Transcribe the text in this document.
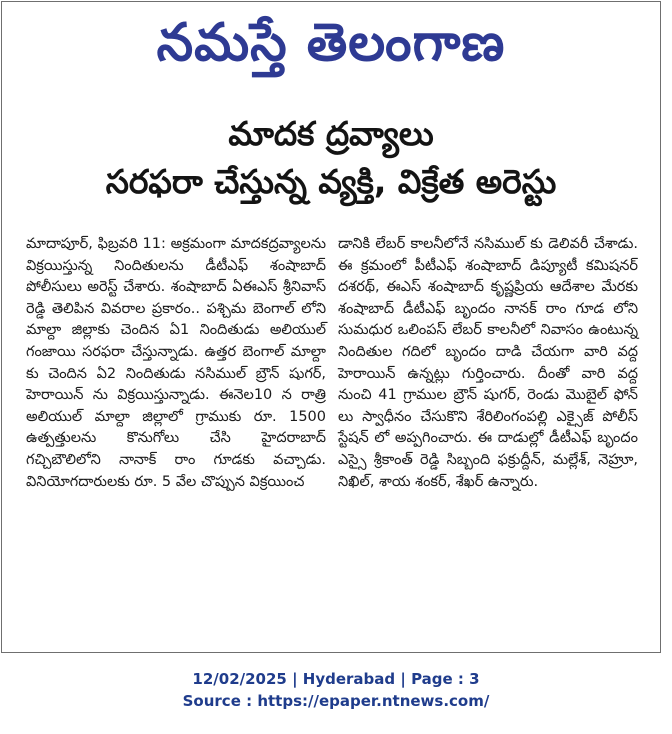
నమస్తే తెలంగాణ
మాదక ద్రవ్యాలు
సరఫరా చేస్తున్న వ్యక్తి, విక్రేత అరెస్టు
మాదాపూర్, ఫిబ్రవరి 11: అక్రమంగా మాదకద్రవ్యాలను విక్రయిస్తున్న నిందితులను డీటీఎఫ్ శంషాబాద్ పోలీసులు అరెస్ట్ చేశారు. శంషాబాద్ ఏఈఎస్ శ్రీనివాస్ రెడ్డి తెలిపిన వివరాల ప్రకారం.. పశ్చిమ బెంగాల్ లోని మాల్దా జిల్లాకు చెందిన ఏ1 నిందితుడు అలియుల్ గంజాయి సరఫరా చేస్తున్నాడు. ఉత్తర బెంగాల్ మాల్దా కు చెందిన ఏ2 నిందితుడు నసిముల్ బ్రౌన్ షుగర్, హెరాయిన్ ను విక్రయిస్తున్నాడు. ఈనెల10 న రాత్రి అలియుల్ మాల్దా జిల్లాలో గ్రాముకు రూ. 1500 ఉత్పత్తులను కొనుగోలు చేసి హైదరాబాద్ గచ్చిబౌలిలోని నానాక్ రాం గూడకు వచ్చాడు. వినియోగదారులకు రూ. 5 వేల చొప్పున విక్రయించ
డానికి లేబర్ కాలనీలోనే నసిముల్ కు డెలివరీ చేశాడు. ఈ క్రమంలో పీటీఎఫ్ శంషాబాద్ డిప్యూటీ కమిషనర్ దశరథ్, ఈఎస్ శంషాబాద్ కృష్ణప్రియ ఆదేశాల మేరకు శంషాబాద్ డీటీఎఫ్ బృందం నానక్ రాం గూడ లోని సుమధుర ఒలింపస్ లేబర్ కాలనీలో నివాసం ఉంటున్న నిందితుల గదిలో బృందం దాడి చేయగా వారి వద్ద హెరాయిన్ ఉన్నట్లు గుర్తించారు. దీంతో వారి వద్ద నుంచి 41 గ్రాముల బ్రౌన్ షుగర్, రెండు మొబైల్ ఫోన్ లు స్వాధీనం చేసుకొని శేరిలింగంపల్లి ఎక్సైజ్ పోలీస్ స్టేషన్ లో అప్పగించారు. ఈ దాడుల్లో డీటీఎఫ్ బృందం ఎస్సై శ్రీకాంత్ రెడ్డి సిబ్బంది ఫక్రుద్దీన్, మల్లేశ్, నెహ్రూ, నిఖిల్, శాయ శంకర్, శేఖర్ ఉన్నారు.
12/02/2025 | Hyderabad | Page : 3
Source : https://epaper.ntnews.com/
